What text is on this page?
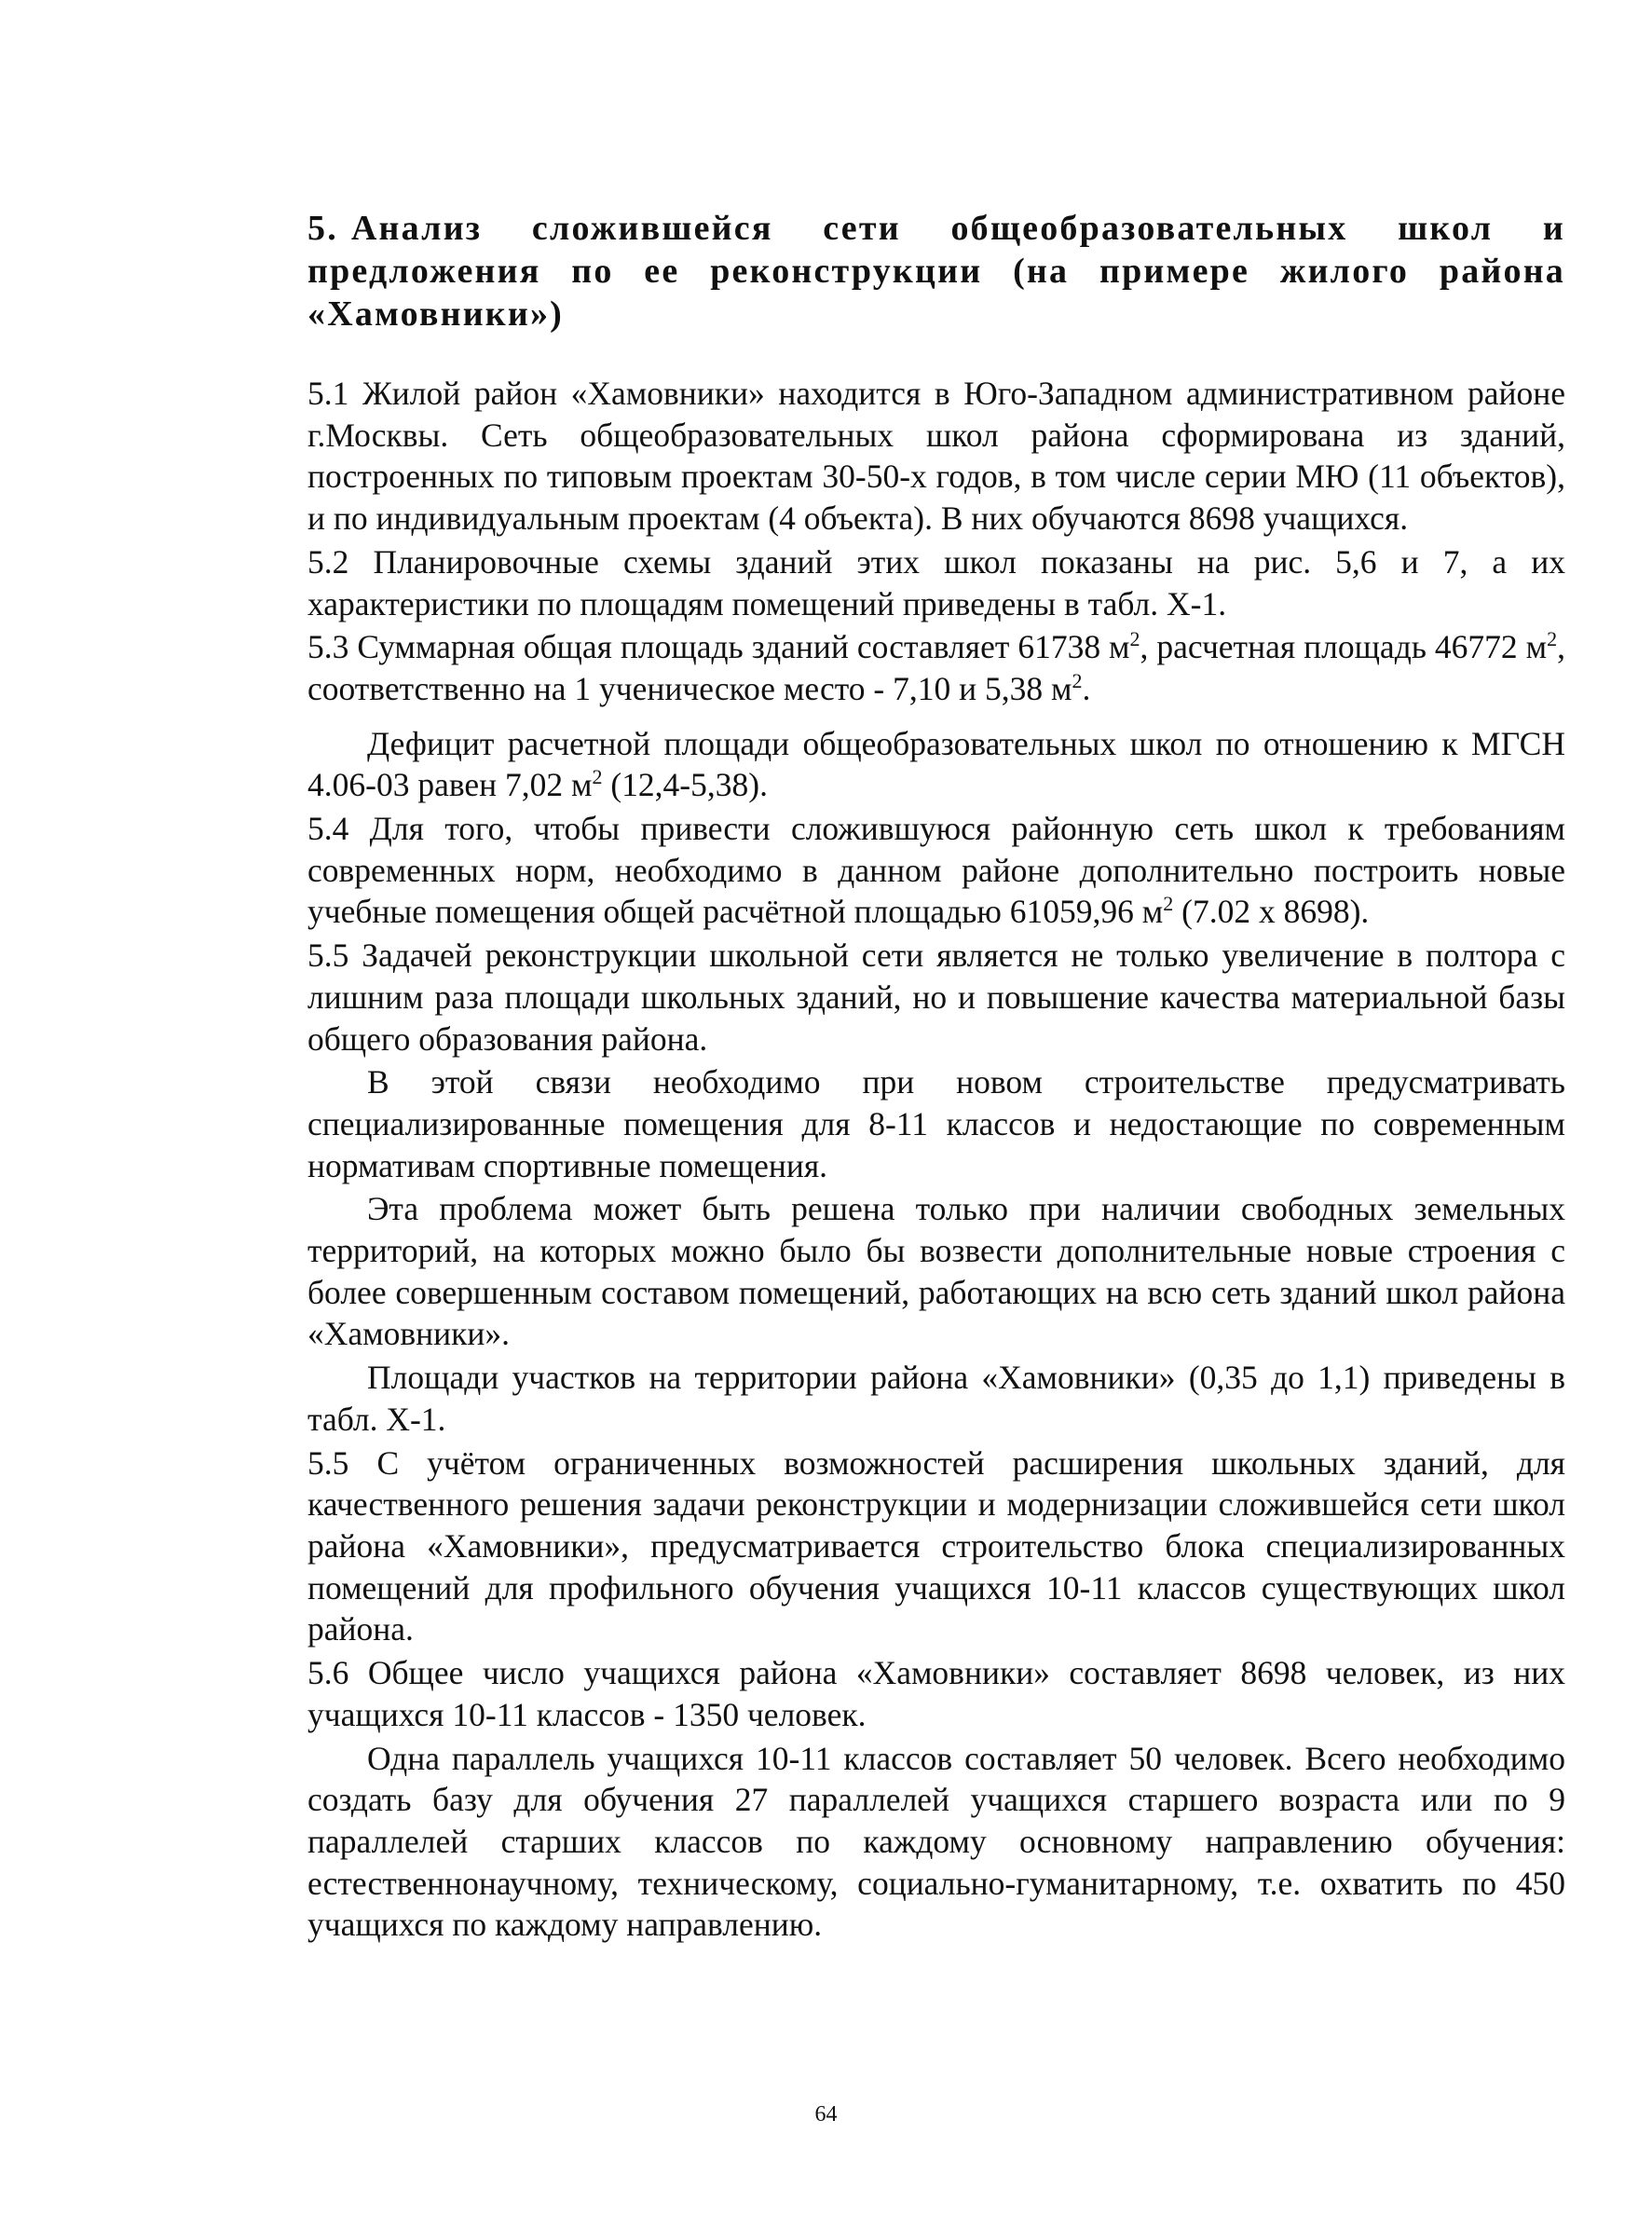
5. Анализ сложившейся сети общеобразовательных школ и предложения по ее реконструкции (на примере жилого района «Хамовники»)

5.1 Жилой район «Хамовники» находится в Юго-Западном административном районе г.Москвы. Сеть общеобразовательных школ района сформирована из зданий, построенных по типовым проектам 30-50-х годов, в том числе серии МЮ (11 объектов), и по индивидуальным проектам (4 объекта). В них обучаются 8698 учащихся.

5.2 Планировочные схемы зданий этих школ показаны на рис. 5,6 и 7, а их характеристики по площадям помещений приведены в табл. Х-1.

5.3 Суммарная общая площадь зданий составляет 61738 $м^2$, расчетная площадь 46772 $м^2$, соответственно на 1 ученическое место - 7,10 и 5,38 $м^2$.

Дефицит расчетной площади общеобразовательных школ по отношению к МГСН 4.06-03 равен 7,02 $м^2$ (12,4-5,38).

5.4 Для того, чтобы привести сложившуюся районную сеть школ к требованиям современных норм, необходимо в данном районе дополнительно построить новые учебные помещения общей расчётной площадью 61059,96 $м^2$ (7.02 х 8698).

5.5 Задачей реконструкции школьной сети является не только увеличение в полтора с лишним раза площади школьных зданий, но и повышение качества материальной базы общего образования района.

В этой связи необходимо при новом строительстве предусматривать специализированные помещения для 8-11 классов и недостающие по современным нормативам спортивные помещения.

Эта проблема может быть решена только при наличии свободных земельных территорий, на которых можно было бы возвести дополнительные новые строения с более совершенным составом помещений, работающих на всю сеть зданий школ района «Хамовники».

Площади участков на территории района «Хамовники» (0,35 до 1,1) приведены в табл. Х-1.

5.5 С учётом ограниченных возможностей расширения школьных зданий, для качественного решения задачи реконструкции и модернизации сложившейся сети школ района «Хамовники», предусматривается строительство блока специализированных помещений для профильного обучения учащихся 10-11 классов существующих школ района.

5.6 Общее число учащихся района «Хамовники» составляет 8698 человек, из них учащихся 10-11 классов - 1350 человек.

Одна параллель учащихся 10-11 классов составляет 50 человек. Всего необходимо создать базу для обучения 27 параллелей учащихся старшего возраста или по 9 параллелей старших классов по каждому основному направлению обучения: естественнонаучному, техническому, социально-гуманитарному, т.е. охватить по 450 учащихся по каждому направлению.

64
